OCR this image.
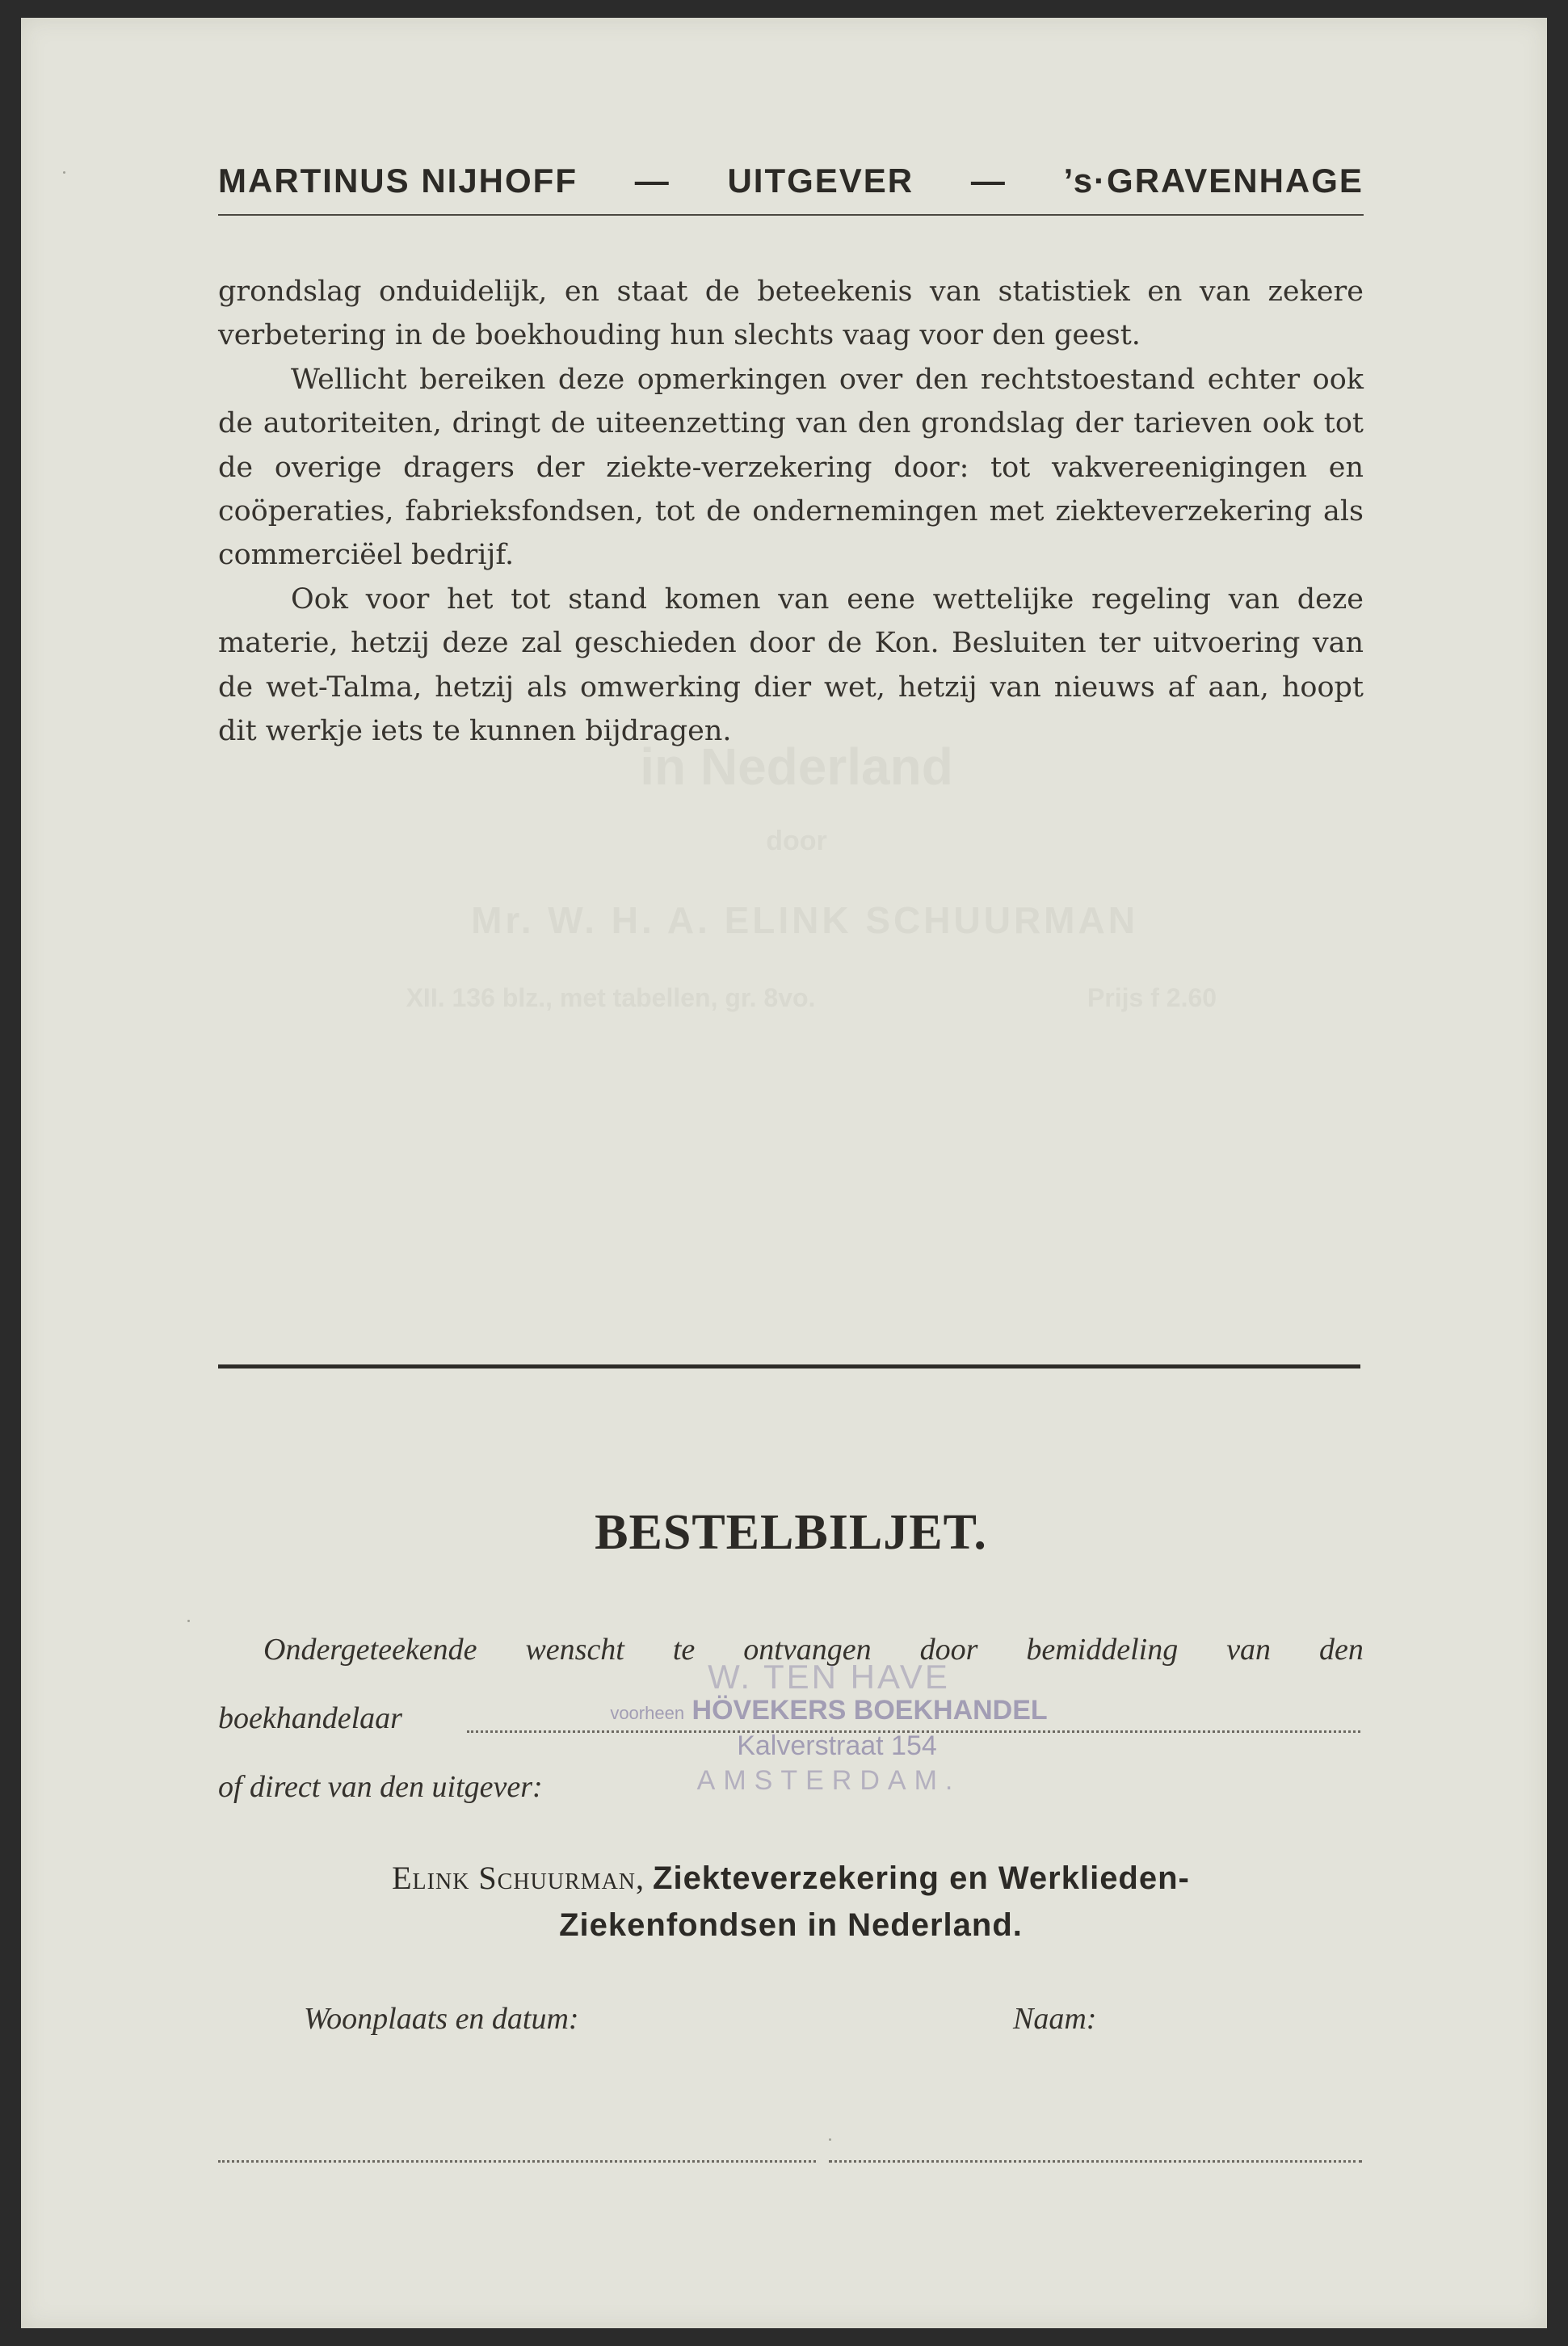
in Nederland
door
Mr. W. H. A. ELINK SCHUURMAN
XII. 136 blz., met tabellen, gr. 8vo.	Prijs f 2.60
MARTINUS NIJHOFF — UITGEVER — ’s·GRAVENHAGE

grondslag onduidelijk, en staat de beteekenis van statistiek en van zekere verbetering in de boekhouding hun slechts vaag voor den geest.

Wellicht bereiken deze opmerkingen over den rechtstoestand echter ook de autoriteiten, dringt de uiteenzetting van den grondslag der tarieven ook tot de overige dragers der ziekte-verzekering door: tot vakvereenigingen en coöperaties, fabrieksfondsen, tot de ondernemingen met ziekteverzekering als commerciëel bedrijf.

Ook voor het tot stand komen van eene wettelijke regeling van deze materie, hetzij deze zal geschieden door de Kon. Besluiten ter uitvoering van de wet-Talma, hetzij als omwerking dier wet, hetzij van nieuws af aan, hoopt dit werkje iets te kunnen bijdragen.

BESTELBILJET.
Ondergeteekende wenscht te ontvangen door bemiddeling van den
boekhandelaar
of direct van den uitgever:
W. TEN HAVE
voorheen HÖVEKERS BOEKHANDEL
Kalverstraat 154
AMSTERDAM.
Elink Schuurman, Ziekteverzekering en Werklieden-
Ziekenfondsen in Nederland.
Woonplaats en datum:	Naam:
